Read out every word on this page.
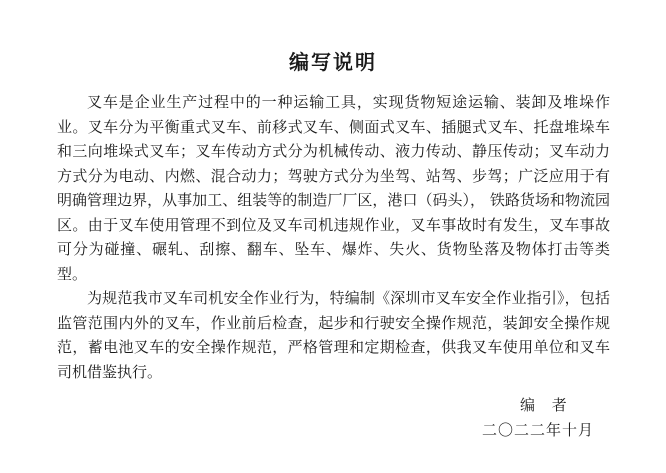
编写说明

叉车是企业生产过程中的一种运输工具，实现货物短途运输、装卸及堆垛作业。叉车分为平衡重式叉车、前移式叉车、侧面式叉车、插腿式叉车、托盘堆垛车和三向堆垛式叉车；叉车传动方式分为机械传动、液力传动、静压传动；叉车动力方式分为电动、内燃、混合动力；驾驶方式分为坐驾、站驾、步驾；广泛应用于有明确管理边界，从事加工、组装等的制造厂厂区，港口（码头）， 铁路货场和物流园区。由于叉车使用管理不到位及叉车司机违规作业，叉车事故时有发生，叉车事故可分为碰撞、碾轧、刮擦、翻车、坠车、爆炸、失火、货物坠落及物体打击等类型。

为规范我市叉车司机安全作业行为，特编制《深圳市叉车安全作业指引》，包括监管范围内外的叉车，作业前后检查，起步和行驶安全操作规范，装卸安全操作规范，蓄电池叉车的安全操作规范，严格管理和定期检查，供我叉车使用单位和叉车司机借鉴执行。

编 者
二〇二二年十月
